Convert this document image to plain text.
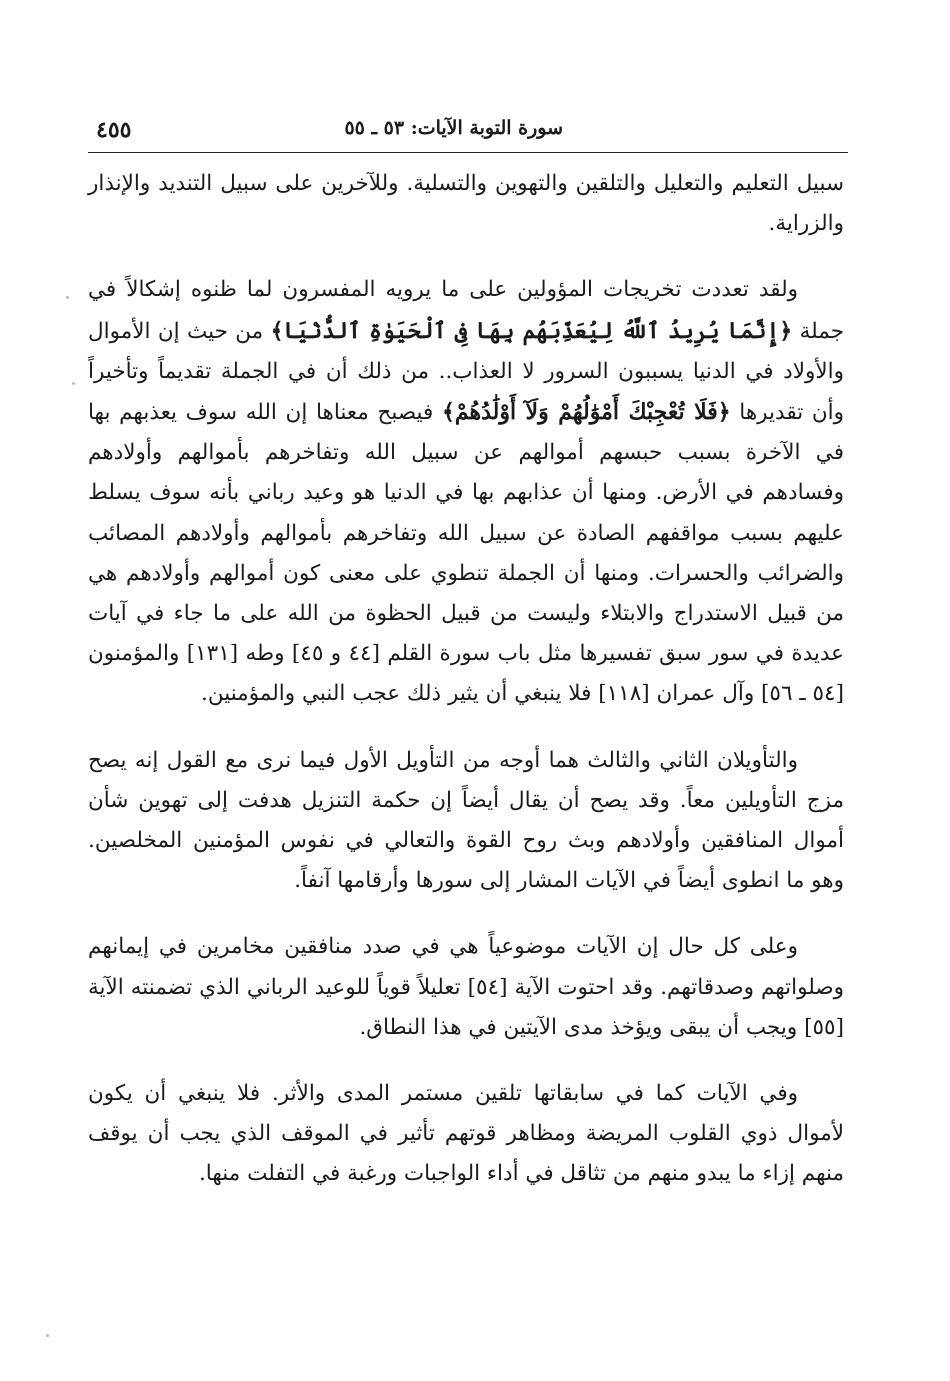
سورة التوبة الآيات: ٥٣ ـ ٥٥
٤٥٥

سبيل التعليم والتعليل والتلقين والتهوين والتسلية. وللآخرين على سبيل التنديد والإنذار والزراية.

ولقد تعددت تخريجات المؤولين على ما يرويه المفسرون لما ظنوه إشكالاً في جملة ﴿إِنَّمَا يُرِيدُ ٱللَّهُ لِيُعَذِّبَهُم بِهَا فِى ٱلْحَيَوٰةِ ٱلدُّنْيَا﴾ من حيث إن الأموال والأولاد في الدنيا يسببون السرور لا العذاب.. من ذلك أن في الجملة تقديماً وتأخيراً وأن تقديرها ﴿فَلَا تُعْجِبْكَ أَمْوَٰلُهُمْ وَلَآ أَوْلَٰدُهُمْ﴾ فيصبح معناها إن الله سوف يعذبهم بها في الآخرة بسبب حبسهم أموالهم عن سبيل الله وتفاخرهم بأموالهم وأولادهم وفسادهم في الأرض. ومنها أن عذابهم بها في الدنيا هو وعيد رباني بأنه سوف يسلط عليهم بسبب مواقفهم الصادة عن سبيل الله وتفاخرهم بأموالهم وأولادهم المصائب والضرائب والحسرات. ومنها أن الجملة تنطوي على معنى كون أموالهم وأولادهم هي من قبيل الاستدراج والابتلاء وليست من قبيل الحظوة من الله على ما جاء في آيات عديدة في سور سبق تفسيرها مثل باب سورة القلم [٤٤ و ٤٥] وطه [١٣١] والمؤمنون [٥٤ ـ ٥٦] وآل عمران [١١٨] فلا ينبغي أن يثير ذلك عجب النبي والمؤمنين.

والتأويلان الثاني والثالث هما أوجه من التأويل الأول فيما نرى مع القول إنه يصح مزج التأويلين معاً. وقد يصح أن يقال أيضاً إن حكمة التنزيل هدفت إلى تهوين شأن أموال المنافقين وأولادهم وبث روح القوة والتعالي في نفوس المؤمنين المخلصين. وهو ما انطوى أيضاً في الآيات المشار إلى سورها وأرقامها آنفاً.

وعلى كل حال إن الآيات موضوعياً هي في صدد منافقين مخامرين في إيمانهم وصلواتهم وصدقاتهم. وقد احتوت الآية [٥٤] تعليلاً قوياً للوعيد الرباني الذي تضمنته الآية [٥٥] ويجب أن يبقى ويؤخذ مدى الآيتين في هذا النطاق.

وفي الآيات كما في سابقاتها تلقين مستمر المدى والأثر. فلا ينبغي أن يكون لأموال ذوي القلوب المريضة ومظاهر قوتهم تأثير في الموقف الذي يجب أن يوقف منهم إزاء ما يبدو منهم من تثاقل في أداء الواجبات ورغبة في التفلت منها.
